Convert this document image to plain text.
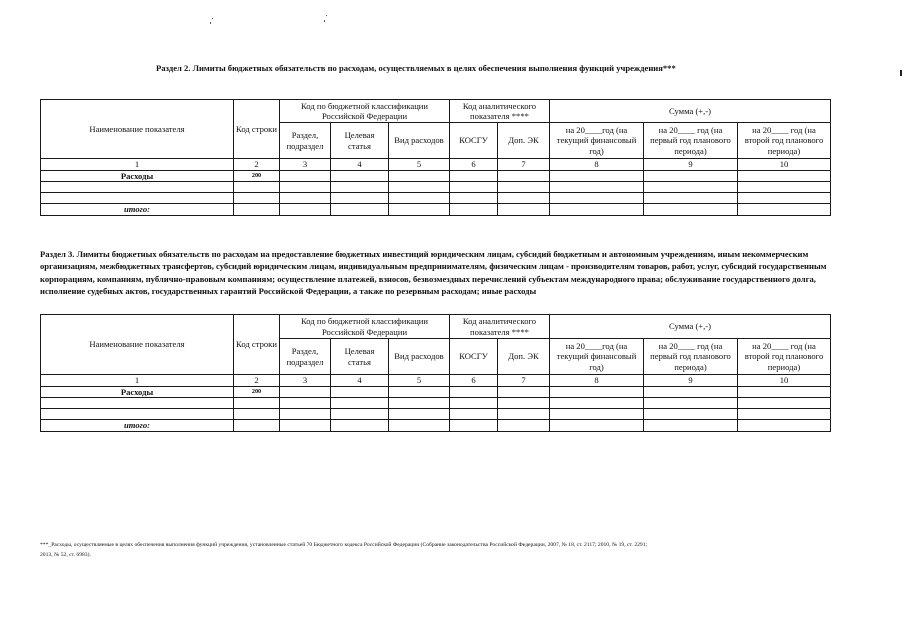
Раздел 2. Лимиты бюджетных обязательств по расходам, осуществляемых в целях обеспечения выполнения функций учреждения***
Наименование показателя	Код строки	Код по бюджетной классификации Российской Федерации			Код аналитического показателя ****		Сумма (+,-)		
		Раздел, подраздел	Целевая статья	Вид расходов	КОСГУ	Доп. ЭК	на 20____год (на текущий финансовый год)	на 20____ год (на первый год планового периода)	на 20____ год (на второй год планового периода)
1	2	3	4	5	6	7	8	9	10
Расходы	200								

итого:									
Раздел 3. Лимиты бюджетных обязательств по расходам на предоставление бюджетных инвестиций юридическим лицам, субсидий бюджетным и автономным учреждениям, иным некоммерческим организациям, межбюджетных трансфертов, субсидий юридическим лицам, индивидуальным предпринимателям, физическим лицам - производителям товаров, работ, услуг, субсидий государственным корпорациям, компаниям, публично-правовым компаниям; осуществление платежей, взносов, безвозмездных перечислений субъектам международного права; обслуживание государственного долга, исполнение судебных актов, государственных гарантий Российской Федерации, а также по резервным расходам; иные расходы
Наименование показателя	Код строки	Код по бюджетной классификации Российской Федерации			Код аналитического показателя ****		Сумма (+,-)		
		Раздел, подраздел	Целевая статья	Вид расходов	КОСГУ	Доп. ЭК	на 20____год (на текущий финансовый год)	на 20____ год (на первый год планового периода)	на 20____ год (на второй год планового периода)
1	2	3	4	5	6	7	8	9	10
Расходы	200								

итого:									
***_Расходы, осуществляемые в целях обеспечения выполнения функций учреждения, установленные статьей 70 Бюджетного кодекса Российской Федерации (Собрание законодательства Российской Федерации, 2007, № 18, ст. 2117; 2010, № 19, ст. 2291; 2013, № 52, ст. 6983).
